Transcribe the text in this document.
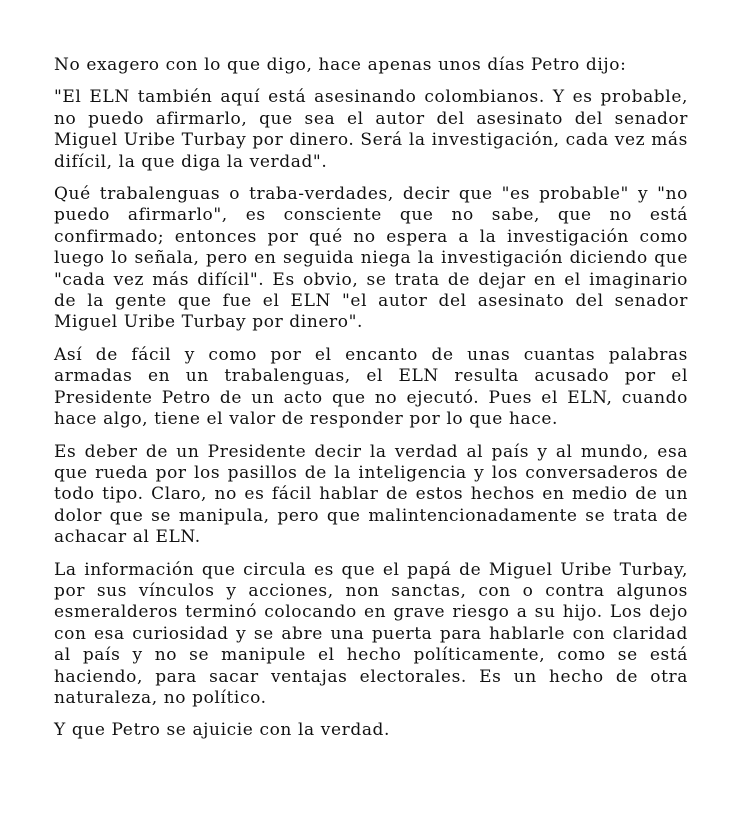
No exagero con lo que digo, hace apenas unos días Petro dijo:

"El ELN también aquí está asesinando colombianos. Y es probable, no puedo afirmarlo, que sea el autor del asesinato del senador Miguel Uribe Turbay por dinero. Será la investigación, cada vez más difícil, la que diga la verdad".

Qué trabalenguas o traba-verdades, decir que "es probable" y "no puedo afirmarlo", es consciente que no sabe, que no está confirmado; entonces por qué no espera a la investigación como luego lo señala, pero en seguida niega la investigación diciendo que "cada vez más difícil". Es obvio, se trata de dejar en el imaginario de la gente que fue el ELN "el autor del asesinato del senador Miguel Uribe Turbay por dinero".

Así de fácil y como por el encanto de unas cuantas palabras armadas en un trabalenguas, el ELN resulta acusado por el Presidente Petro de un acto que no ejecutó. Pues el ELN, cuando hace algo, tiene el valor de responder por lo que hace.

Es deber de un Presidente decir la verdad al país y al mundo, esa que rueda por los pasillos de la inteligencia y los conversaderos de todo tipo. Claro, no es fácil hablar de estos hechos en medio de un dolor que se manipula, pero que malintencionadamente se trata de achacar al ELN.

La información que circula es que el papá de Miguel Uribe Turbay, por sus vínculos y acciones, non sanctas, con o contra algunos esmeralderos terminó colocando en grave riesgo a su hijo. Los dejo con esa curiosidad y se abre una puerta para hablarle con claridad al país y no se manipule el hecho políticamente, como se está haciendo, para sacar ventajas electorales. Es un hecho de otra naturaleza, no político.

Y que Petro se ajuicie con la verdad.
